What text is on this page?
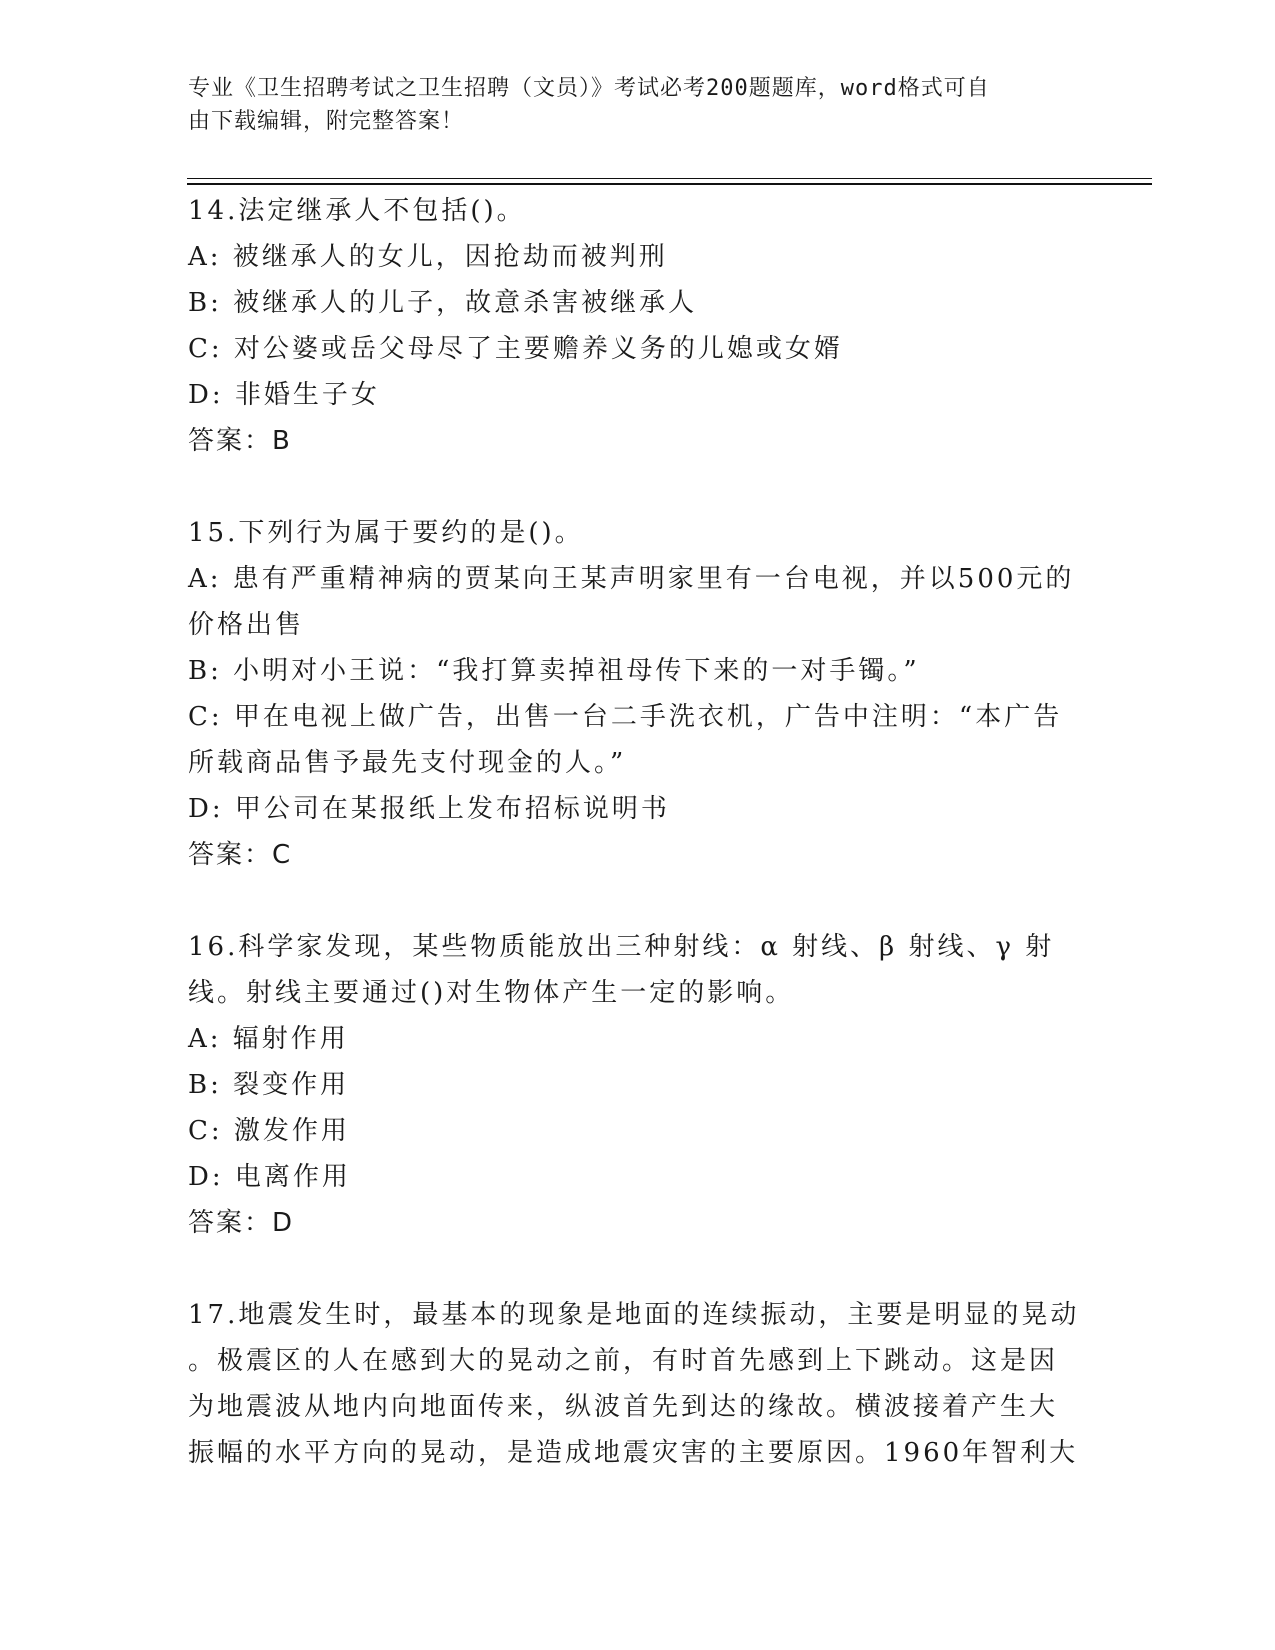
专业《卫生招聘考试之卫生招聘（文员）》考试必考200题题库，word格式可自
由下载编辑，附完整答案！
14.法定继承人不包括()。
A: 被继承人的女儿，因抢劫而被判刑
B: 被继承人的儿子，故意杀害被继承人
C: 对公婆或岳父母尽了主要赡养义务的儿媳或女婿
D: 非婚生子女
答案：B
15.下列行为属于要约的是()。
A: 患有严重精神病的贾某向王某声明家里有一台电视，并以500元的
价格出售
B: 小明对小王说：“我打算卖掉祖母传下来的一对手镯。”
C: 甲在电视上做广告，出售一台二手洗衣机，广告中注明：“本广告
所载商品售予最先支付现金的人。”
D: 甲公司在某报纸上发布招标说明书
答案：C
16.科学家发现，某些物质能放出三种射线：α 射线、β 射线、γ 射
线。射线主要通过()对生物体产生一定的影响。
A: 辐射作用
B: 裂变作用
C: 激发作用
D: 电离作用
答案：D
17.地震发生时，最基本的现象是地面的连续振动，主要是明显的晃动
。极震区的人在感到大的晃动之前，有时首先感到上下跳动。这是因
为地震波从地内向地面传来，纵波首先到达的缘故。横波接着产生大
振幅的水平方向的晃动，是造成地震灾害的主要原因。1960年智利大
